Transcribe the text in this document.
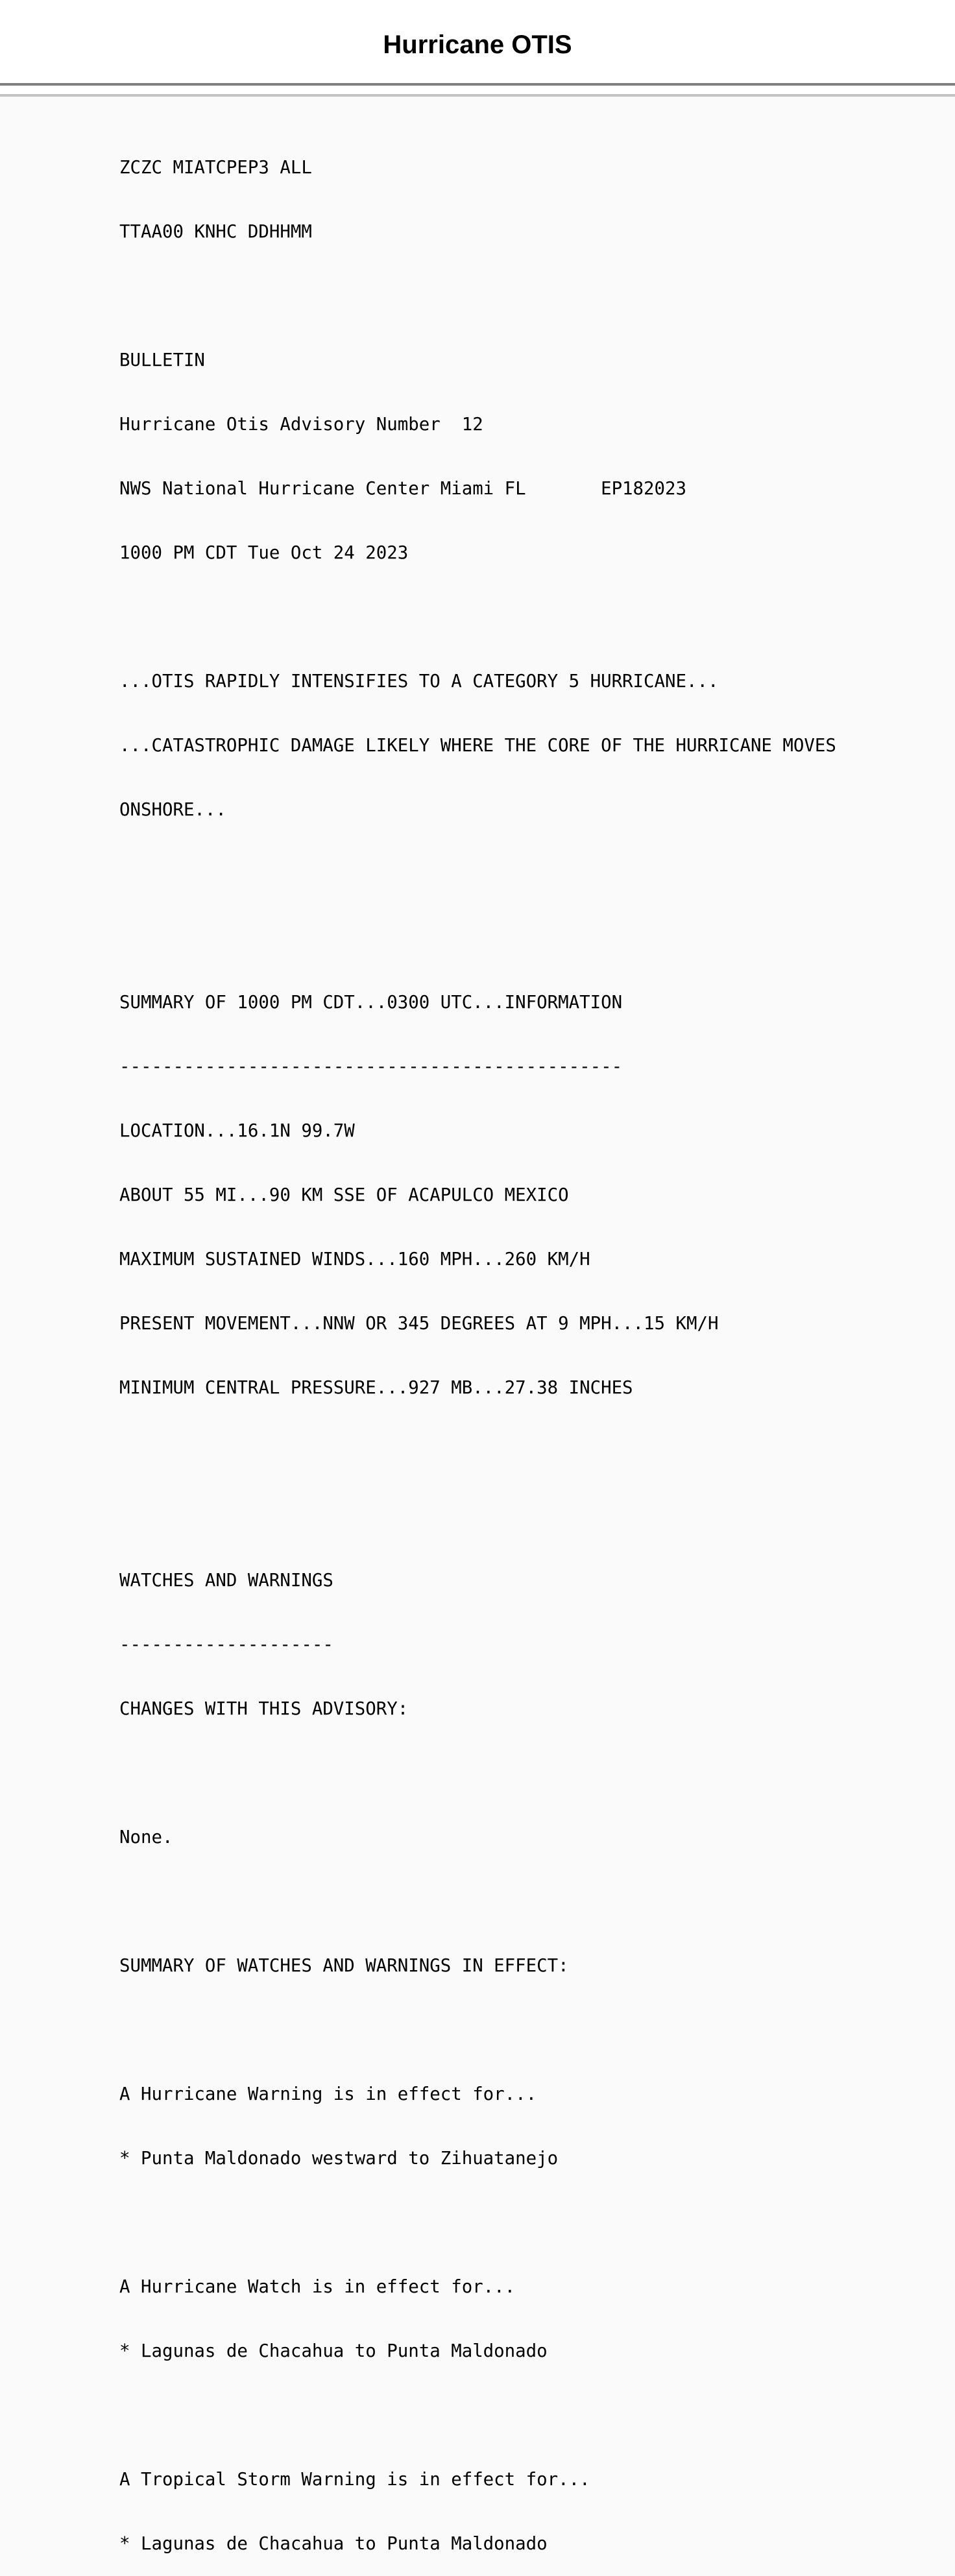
Hurricane OTIS

ZCZC MIATCPEP3 ALL

TTAA00 KNHC DDHHMM

BULLETIN

Hurricane Otis Advisory Number  12

NWS National Hurricane Center Miami FL       EP182023

1000 PM CDT Tue Oct 24 2023

...OTIS RAPIDLY INTENSIFIES TO A CATEGORY 5 HURRICANE...

...CATASTROPHIC DAMAGE LIKELY WHERE THE CORE OF THE HURRICANE MOVES

ONSHORE...

SUMMARY OF 1000 PM CDT...0300 UTC...INFORMATION

-----------------------------------------------

LOCATION...16.1N 99.7W

ABOUT 55 MI...90 KM SSE OF ACAPULCO MEXICO

MAXIMUM SUSTAINED WINDS...160 MPH...260 KM/H

PRESENT MOVEMENT...NNW OR 345 DEGREES AT 9 MPH...15 KM/H

MINIMUM CENTRAL PRESSURE...927 MB...27.38 INCHES

WATCHES AND WARNINGS

--------------------

CHANGES WITH THIS ADVISORY:

None.

SUMMARY OF WATCHES AND WARNINGS IN EFFECT:

A Hurricane Warning is in effect for...

* Punta Maldonado westward to Zihuatanejo

A Hurricane Watch is in effect for...

* Lagunas de Chacahua to Punta Maldonado

A Tropical Storm Warning is in effect for...

* Lagunas de Chacahua to Punta Maldonado
